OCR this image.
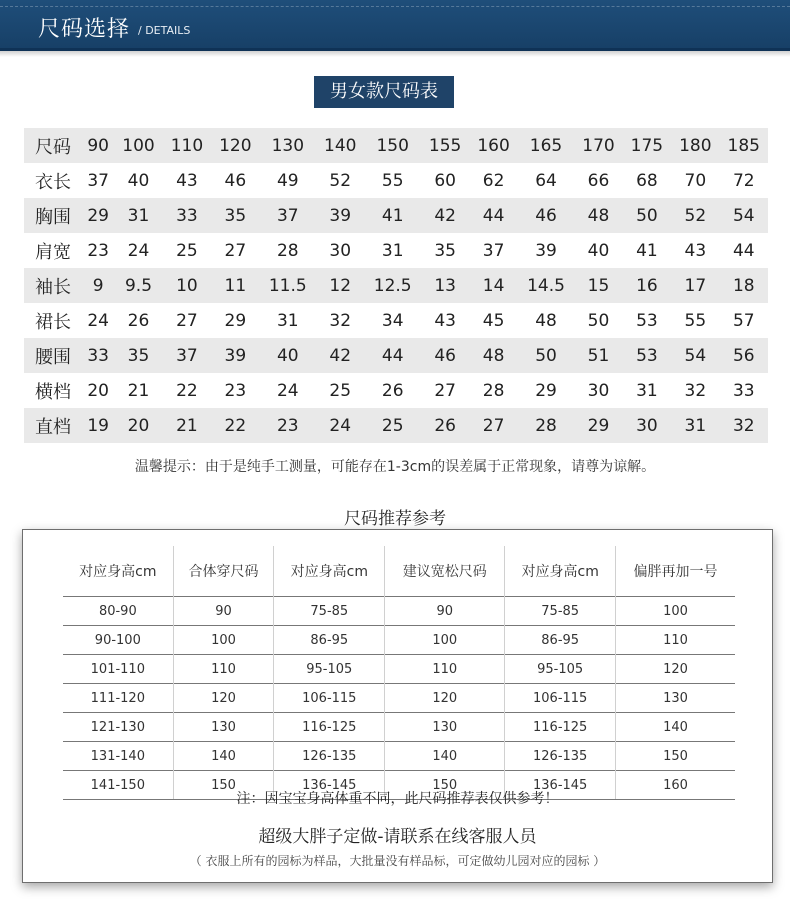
尺码选择 / DETAILS
男女款尺码表
尺码	90	100	110	120	130	140	150	155	160	165	170	175	180	185
衣长	37	40	43	46	49	52	55	60	62	64	66	68	70	72
胸围	29	31	33	35	37	39	41	42	44	46	48	50	52	54
肩宽	23	24	25	27	28	30	31	35	37	39	40	41	43	44
袖长	9	9.5	10	11	11.5	12	12.5	13	14	14.5	15	16	17	18
裙长	24	26	27	29	31	32	34	43	45	48	50	53	55	57
腰围	33	35	37	39	40	42	44	46	48	50	51	53	54	56
横档	20	21	22	23	24	25	26	27	28	29	30	31	32	33
直档	19	20	21	22	23	24	25	26	27	28	29	30	31	32
温馨提示：由于是纯手工测量，可能存在1-3cm的误差属于正常现象，请尊为谅解。
尺码推荐参考
对应身高cm	合体穿尺码	对应身高cm	建议宽松尺码	对应身高cm	偏胖再加一号
80-90	90	75-85	90	75-85	100
90-100	100	86-95	100	86-95	110
101-110	110	95-105	110	95-105	120
111-120	120	106-115	120	106-115	130
121-130	130	116-125	130	116-125	140
131-140	140	126-135	140	126-135	150
141-150	150	136-145	150	136-145	160
注：因宝宝身高体重不同，此尺码推荐表仅供参考！
超级大胖子定做-请联系在线客服人员
（ 衣服上所有的园标为样品，大批量没有样品标，可定做幼儿园对应的园标 ）
